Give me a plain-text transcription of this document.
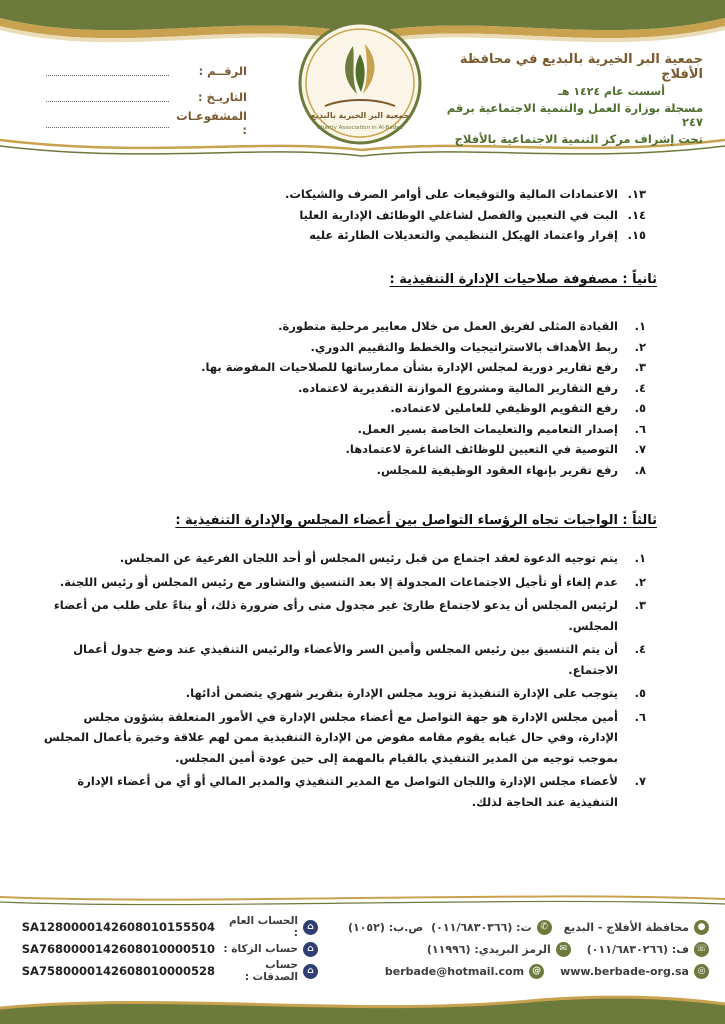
جمعية البر الخيرية بالبديع في محافظة الأفلاج
أسست عام ١٤٢٤ هـ
مسجلة بوزارة العمل والتنمية الاجتماعية برقم ٢٤٧
تحت إشراف مركز التنمية الاجتماعية بالأفلاج
جمعية البر الخيرية بالبديع
Charity Association in Al-Badee
الرقــم :
التاريـخ :
المشفوعـات :
١٣.
الاعتمادات المالية والتوقيعات على أوامر الصرف والشيكات.
١٤.
البت في التعيين والفصل لشاغلي الوظائف الإدارية العليا
١٥.
إقرار واعتماد الهيكل التنظيمي والتعديلات الطارئة عليه
ثانياً : مصفوفة صلاحيات الإدارة التنفيذية :
١.
القيادة المثلى لفريق العمل من خلال معايير مرحلية متطورة.
٢.
ربط الأهداف بالاستراتيجيات والخطط والتقييم الدوري.
٣.
رفع تقارير دورية لمجلس الإدارة بشأن ممارساتها للصلاحيات المفوضة بها.
٤.
رفع التقارير المالية ومشروع الموازنة التقديرية لاعتماده.
٥.
رفع التقويم الوظيفي للعاملين لاعتماده.
٦.
إصدار التعاميم والتعليمات الخاصة بسير العمل.
٧.
التوصية في التعيين للوظائف الشاغرة لاعتمادها.
٨.
رفع تقرير بإنهاء العقود الوظيفية للمجلس.
ثالثاً : الواجبات تجاه الرؤساء التواصل بين أعضاء المجلس والإدارة التنفيذية :
١.
يتم توجيه الدعوة لعقد اجتماع من قبل رئيس المجلس أو أحد اللجان الفرعية عن المجلس.
٢.
عدم إلغاء أو تأجيل الاجتماعات المجدولة إلا بعد التنسيق والتشاور مع رئيس المجلس أو رئيس اللجنة.
٣.
لرئيس المجلس أن يدعو لاجتماع طارئ غير مجدول متى رأى ضرورة ذلك، أو بناءً على طلب من أعضاء المجلس.
٤.
أن يتم التنسيق بين رئيس المجلس وأمين السر والأعضاء والرئيس التنفيذي عند وضع جدول أعمال الاجتماع.
٥.
يتوجب على الإدارة التنفيذية تزويد مجلس الإدارة بتقرير شهري يتضمن أدائها.
٦.
أمين مجلس الإدارة هو جهة التواصل مع أعضاء مجلس الإدارة في الأمور المتعلقة بشؤون مجلس الإدارة، وفي حال غيابه يقوم مقامه مفوض من الإدارة التنفيذية ممن لهم علاقة وخبرة بأعمال المجلس بموجب توجيه من المدير التنفيذي بالقيام بالمهمة إلى حين عودة أمين المجلس.
٧.
لأعضاء مجلس الإدارة واللجان التواصل مع المدير التنفيذي والمدير المالي أو أي من أعضاء الإدارة التنفيذية عند الحاجة لذلك.
●
محافظة الأفلاج - البديع
✆
ت: (٠١١/٦٨٣٠٣٦٦)
ص.ب: (١٠٥٢)
☏
ف: (٠١١/٦٨٣٠٢٦٦)
✉
الرمز البريدي: (١١٩٩٦)
◎
www.berbade-org.sa
@
berbade@hotmail.com
⌂
الحساب العام :
SA1280000142608010155504
⌂
حساب الزكاة :
SA7680000142608010000510
⌂
حساب الصدقات :
SA7580000142608010000528
